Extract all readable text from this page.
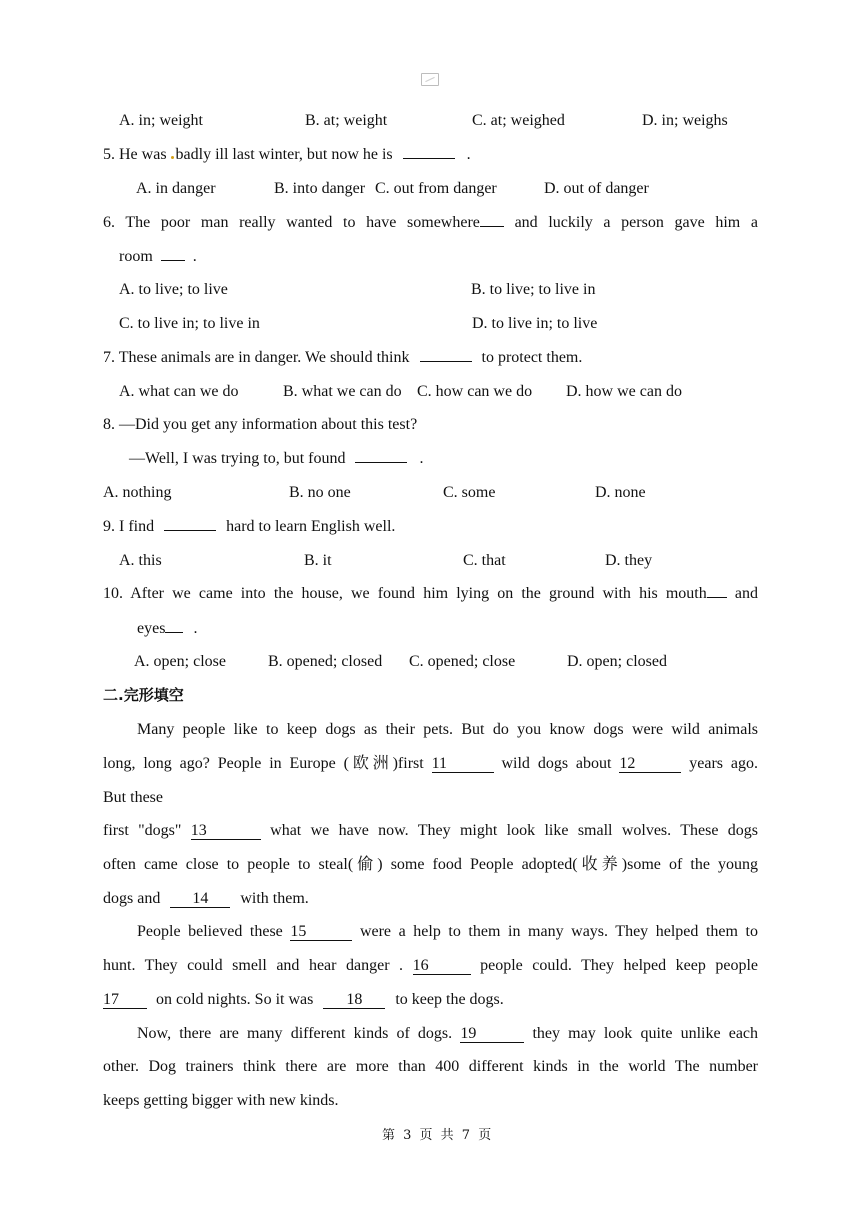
A. in; weight	B. at; weight	C. at; weighed	D. in; weighs
5. He was badly ill last winter, but now he is	.
A. in danger	B. into danger C. out from danger	D. out of danger
6. The poor man really wanted to have somewhere and luckily a person gave him a
room	.
A. to live; to live	B. to live; to live in
C. to live in; to live in	D. to live in; to live
7. These animals are in danger. We should think	to protect them.
A. what can we do	B. what we can do C. how can we do D. how we can do
8. —Did you get any information about this test?
—Well, I was trying to, but found	.
A. nothing	B. no one	C. some	D. none
9. I find	hard to learn English well.
A. this	B. it	C. that	D. they
10. After we came into the house, we found him lying on the ground with his mouth and
eyes .
A. open; close	B. opened; closed C. opened; close	D. open; closed
二.完形填空
Many people like to keep dogs as their pets. But do you know dogs were wild animals
long, long ago? People in Europe (欧洲)first 11	wild dogs about 12	years ago.
But these
first "dogs" 13	what we have now. They might look like small wolves. These dogs
often came close to people to steal(偷) some food People adopted(收养)some of the young
dogs and 14 with them.
People believed these 15	were a help to them in many ways. They helped them to
hunt. They could smell and hear danger . 16	people could. They helped keep people
17 on cold nights. So it was 18 to keep the dogs.
Now, there are many different kinds of dogs. 19	they may look quite unlike each
other. Dog trainers think there are more than 400 different kinds in the world The number
keeps getting bigger with new kinds.
第 3 页 共 7 页
